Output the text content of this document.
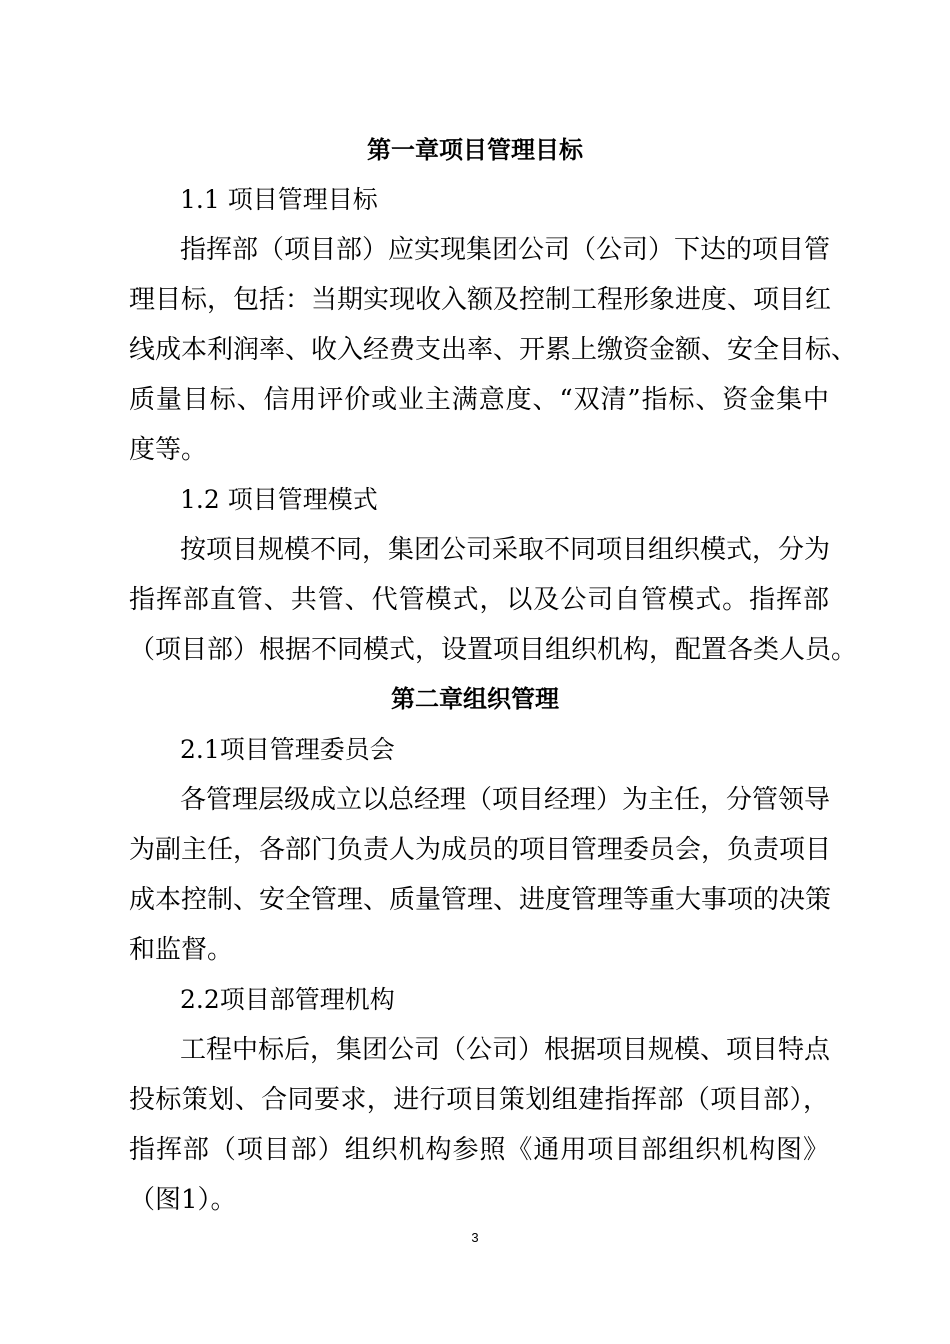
第一章项目管理目标

1.1 项目管理目标

指挥部（项目部）应实现集团公司（公司）下达的项目管

理目标，包括：当期实现收入额及控制工程形象进度、项目红

线成本利润率、收入经费支出率、开累上缴资金额、安全目标、

质量目标、信用评价或业主满意度、“双清”指标、资金集中

度等。

1.2 项目管理模式

按项目规模不同，集团公司采取不同项目组织模式，分为

指挥部直管、共管、代管模式，以及公司自管模式。指挥部

（项目部）根据不同模式，设置项目组织机构，配置各类人员。

第二章组织管理

2.1项目管理委员会

各管理层级成立以总经理（项目经理）为主任，分管领导

为副主任，各部门负责人为成员的项目管理委员会，负责项目

成本控制、安全管理、质量管理、进度管理等重大事项的决策

和监督。

2.2项目部管理机构

工程中标后，集团公司（公司）根据项目规模、项目特点

投标策划、合同要求，进行项目策划组建指挥部（项目部），

指挥部（项目部）组织机构参照《通用项目部组织机构图》

（图1）。

3
